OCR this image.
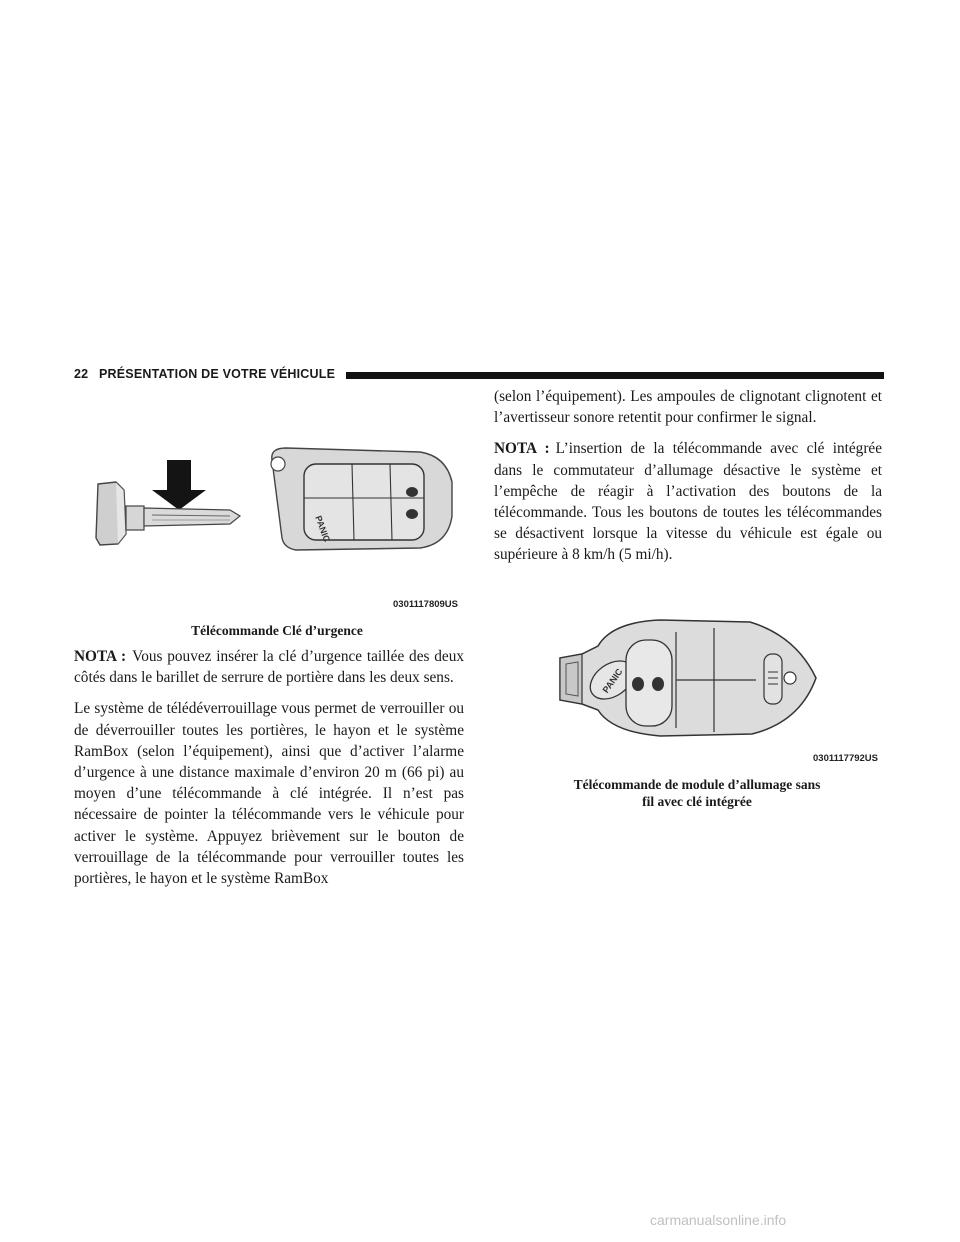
22 PRÉSENTATION DE VOTRE VÉHICULE
PANIC
0301117809US
Télécommande Clé d’urgence

NOTA : Vous pouvez insérer la clé d’urgence taillée des deux côtés dans le barillet de serrure de portière dans les deux sens.

Le système de télédéverrouillage vous permet de verrouiller ou de déverrouiller toutes les portières, le hayon et le système RamBox (selon l’équipement), ainsi que d’activer l’alarme d’urgence à une distance maximale d’environ 20 m (66 pi) au moyen d’une télécommande à clé intégrée. Il n’est pas nécessaire de pointer la télécommande vers le véhicule pour activer le système. Appuyez brièvement sur le bouton de verrouillage de la télécommande pour verrouiller toutes les portières, le hayon et le système RamBox

(selon l’équipement). Les ampoules de clignotant clignotent et l’avertisseur sonore retentit pour confirmer le signal.

NOTA : L’insertion de la télécommande avec clé intégrée dans le commutateur d’allumage désactive le système et l’empêche de réagir à l’activation des boutons de la télécommande. Tous les boutons de toutes les télécommandes se désactivent lorsque la vitesse du véhicule est égale ou supérieure à 8 km/h (5 mi/h).

PANIC
0301117792US
Télécommande de module d’allumage sans
fil avec clé intégrée
carmanualsonline.info
